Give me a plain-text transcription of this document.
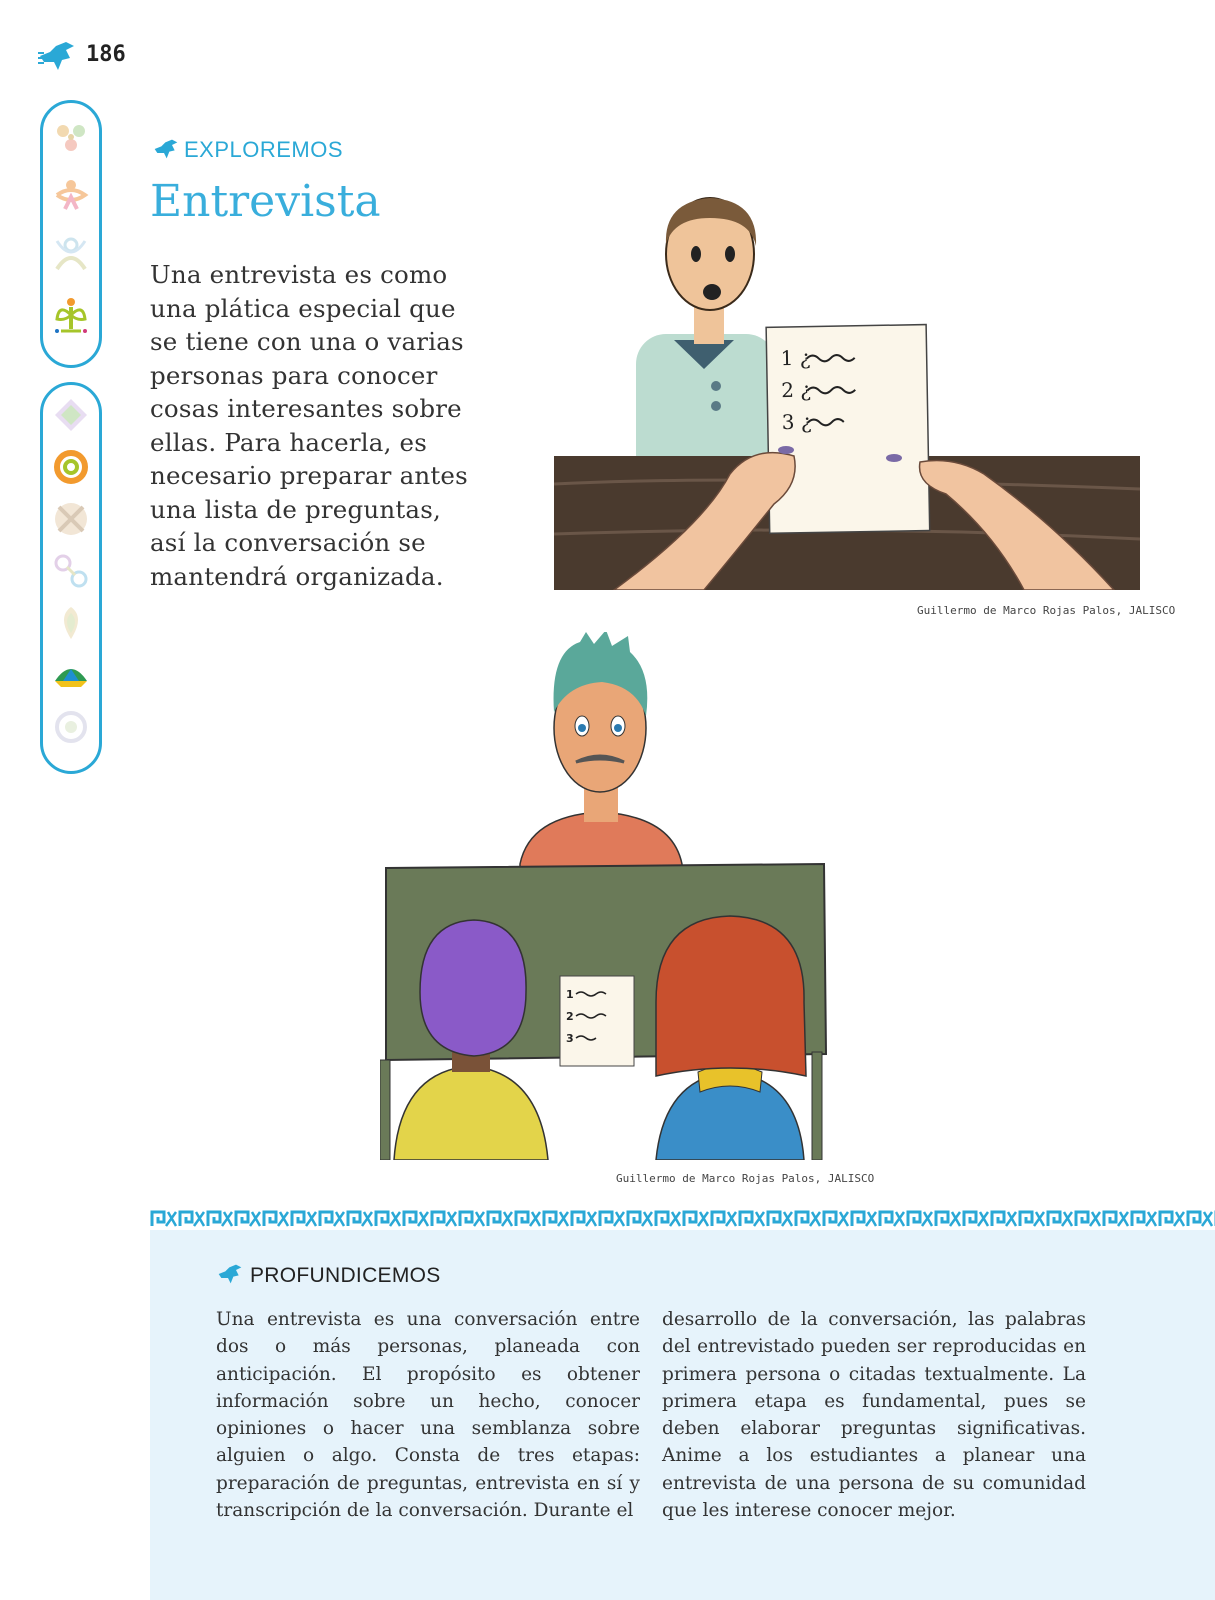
186
EXPLOREMOS
Entrevista
Una entrevista es como una plática especial que se tiene con una o varias personas para conocer cosas interesantes sobre ellas. Para hacerla, es necesario preparar antes una lista de preguntas, así la conversación se mantendrá organizada.
1 ¿
2 ¿
3 ¿
Guillermo de Marco Rojas Palos, JALISCO
1
2
3
Guillermo de Marco Rojas Palos, JALISCO
PROFUNDICEMOS
Una entrevista es una conversación entre dos o más personas, planeada con anticipación. El propósito es obtener información sobre un hecho, conocer opiniones o hacer una semblanza sobre alguien o algo. Consta de tres etapas: preparación de preguntas, entrevista en sí y transcripción de la conversación. Durante el
desarrollo de la conversación, las palabras del entrevistado pueden ser reproducidas en primera persona o citadas textualmente. La primera etapa es fundamental, pues se deben elaborar preguntas significativas. Anime a los estudiantes a planear una entrevista de una persona de su comunidad que les interese conocer mejor.
